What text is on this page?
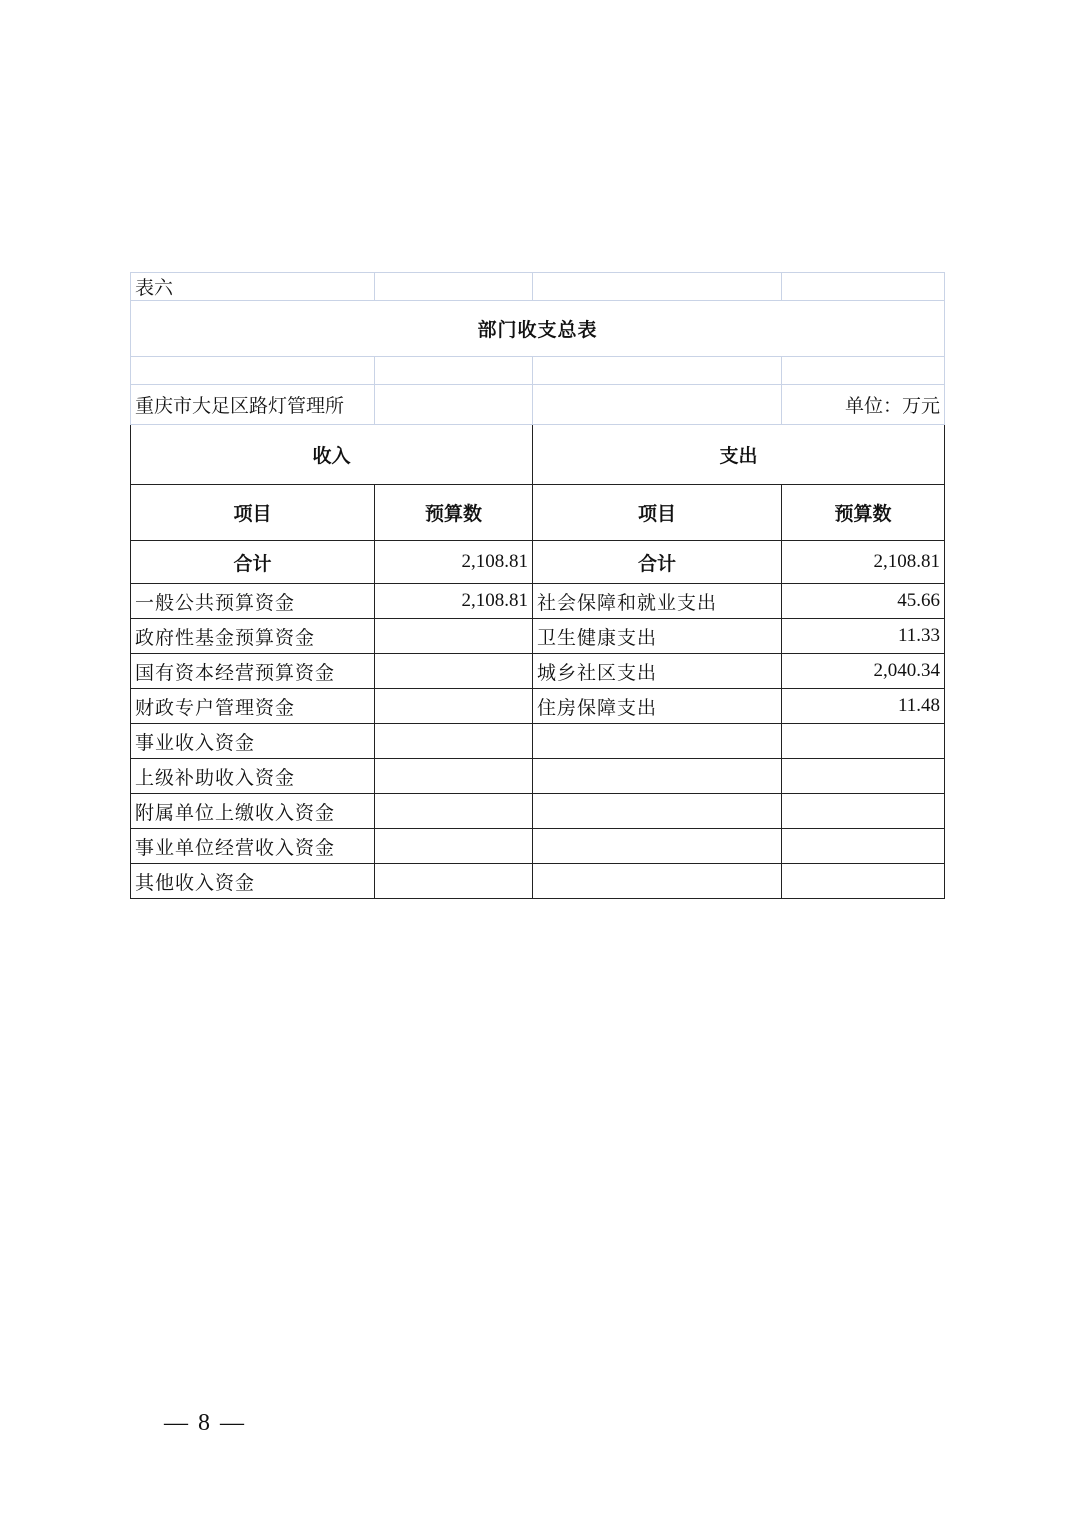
表六			
部门收支总表			

重庆市大足区路灯管理所			单位：万元
收入		支出	
项目	预算数	项目	预算数
合计	2,108.81	合计	2,108.81
一般公共预算资金	2,108.81	社会保障和就业支出	45.66
政府性基金预算资金		卫生健康支出	11.33
国有资本经营预算资金		城乡社区支出	2,040.34
财政专户管理资金		住房保障支出	11.48
事业收入资金			
上级补助收入资金			
附属单位上缴收入资金			
事业单位经营收入资金			
其他收入资金			
— 8 —
